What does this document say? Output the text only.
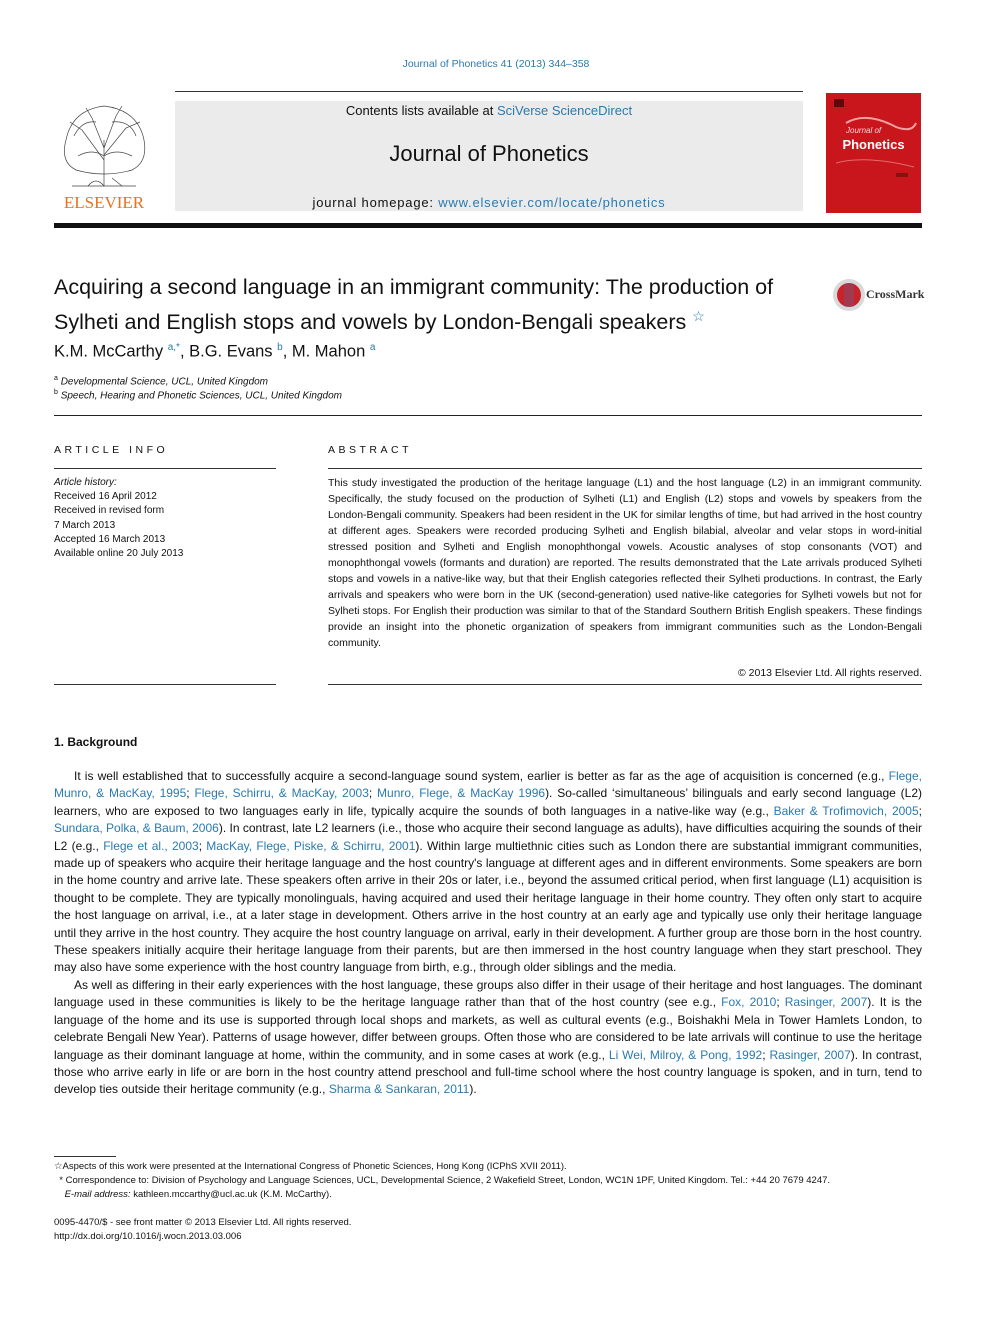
Journal of Phonetics 41 (2013) 344–358
ELSEVIER
Contents lists available at SciVerse ScienceDirect
Journal of Phonetics
journal homepage: www.elsevier.com/locate/phonetics
Journal of
Phonetics
Acquiring a second language in an immigrant community: The production of Sylheti and English stops and vowels by London-Bengali speakers ☆
CrossMark
K.M. McCarthy $^{a,*}$, B.G. Evans $^b$, M. Mahon $^a$
$^a$ Developmental Science, UCL, United Kingdom
$^b$ Speech, Hearing and Phonetic Sciences, UCL, United Kingdom
ARTICLE INFO
Article history:
Received 16 April 2012
Received in revised form
7 March 2013
Accepted 16 March 2013
Available online 20 July 2013
ABSTRACT
This study investigated the production of the heritage language (L1) and the host language (L2) in an immigrant community. Specifically, the study focused on the production of Sylheti (L1) and English (L2) stops and vowels by speakers from the London-Bengali community. Speakers had been resident in the UK for similar lengths of time, but had arrived in the host country at different ages. Speakers were recorded producing Sylheti and English bilabial, alveolar and velar stops in word-initial stressed position and Sylheti and English monophthongal vowels. Acoustic analyses of stop consonants (VOT) and monophthongal vowels (formants and duration) are reported. The results demonstrated that the Late arrivals produced Sylheti stops and vowels in a native-like way, but that their English categories reflected their Sylheti productions. In contrast, the Early arrivals and speakers who were born in the UK (second-generation) used native-like categories for Sylheti vowels but not for Sylheti stops. For English their production was similar to that of the Standard Southern British English speakers. These findings provide an insight into the phonetic organization of speakers from immigrant communities such as the London-Bengali community.
© 2013 Elsevier Ltd. All rights reserved.
1. Background

It is well established that to successfully acquire a second-language sound system, earlier is better as far as the age of acquisition is concerned (e.g., Flege, Munro, & MacKay, 1995; Flege, Schirru, & MacKay, 2003; Munro, Flege, & MacKay 1996). So-called ‘simultaneous’ bilinguals and early second language (L2) learners, who are exposed to two languages early in life, typically acquire the sounds of both languages in a native-like way (e.g., Baker & Trofimovich, 2005; Sundara, Polka, & Baum, 2006). In contrast, late L2 learners (i.e., those who acquire their second language as adults), have difficulties acquiring the sounds of their L2 (e.g., Flege et al., 2003; MacKay, Flege, Piske, & Schirru, 2001). Within large multiethnic cities such as London there are substantial immigrant communities, made up of speakers who acquire their heritage language and the host country's language at different ages and in different environments. Some speakers are born in the home country and arrive late. These speakers often arrive in their 20s or later, i.e., beyond the assumed critical period, when first language (L1) acquisition is thought to be complete. They are typically monolinguals, having acquired and used their heritage language in their home country. They often only start to acquire the host language on arrival, i.e., at a later stage in development. Others arrive in the host country at an early age and typically use only their heritage language until they arrive in the host country. They acquire the host country language on arrival, early in their development. A further group are those born in the host country. These speakers initially acquire their heritage language from their parents, but are then immersed in the host country language when they start preschool. They may also have some experience with the host country language from birth, e.g., through older siblings and the media.

As well as differing in their early experiences with the host language, these groups also differ in their usage of their heritage and host languages. The dominant language used in these communities is likely to be the heritage language rather than that of the host country (see e.g., Fox, 2010; Rasinger, 2007). It is the language of the home and its use is supported through local shops and markets, as well as cultural events (e.g., Boishakhi Mela in Tower Hamlets London, to celebrate Bengali New Year). Patterns of usage however, differ between groups. Often those who are considered to be late arrivals will continue to use the heritage language as their dominant language at home, within the community, and in some cases at work (e.g., Li Wei, Milroy, & Pong, 1992; Rasinger, 2007). In contrast, those who arrive early in life or are born in the host country attend preschool and full-time school where the host country language is spoken, and in turn, tend to develop ties outside their heritage community (e.g., Sharma & Sankaran, 2011).

☆Aspects of this work were presented at the International Congress of Phonetic Sciences, Hong Kong (ICPhS XVII 2011).
* Correspondence to: Division of Psychology and Language Sciences, UCL, Developmental Science, 2 Wakefield Street, London, WC1N 1PF, United Kingdom. Tel.: +44 20 7679 4247.
E-mail address: kathleen.mccarthy@ucl.ac.uk (K.M. McCarthy).
0095-4470/$ - see front matter © 2013 Elsevier Ltd. All rights reserved.
http://dx.doi.org/10.1016/j.wocn.2013.03.006
